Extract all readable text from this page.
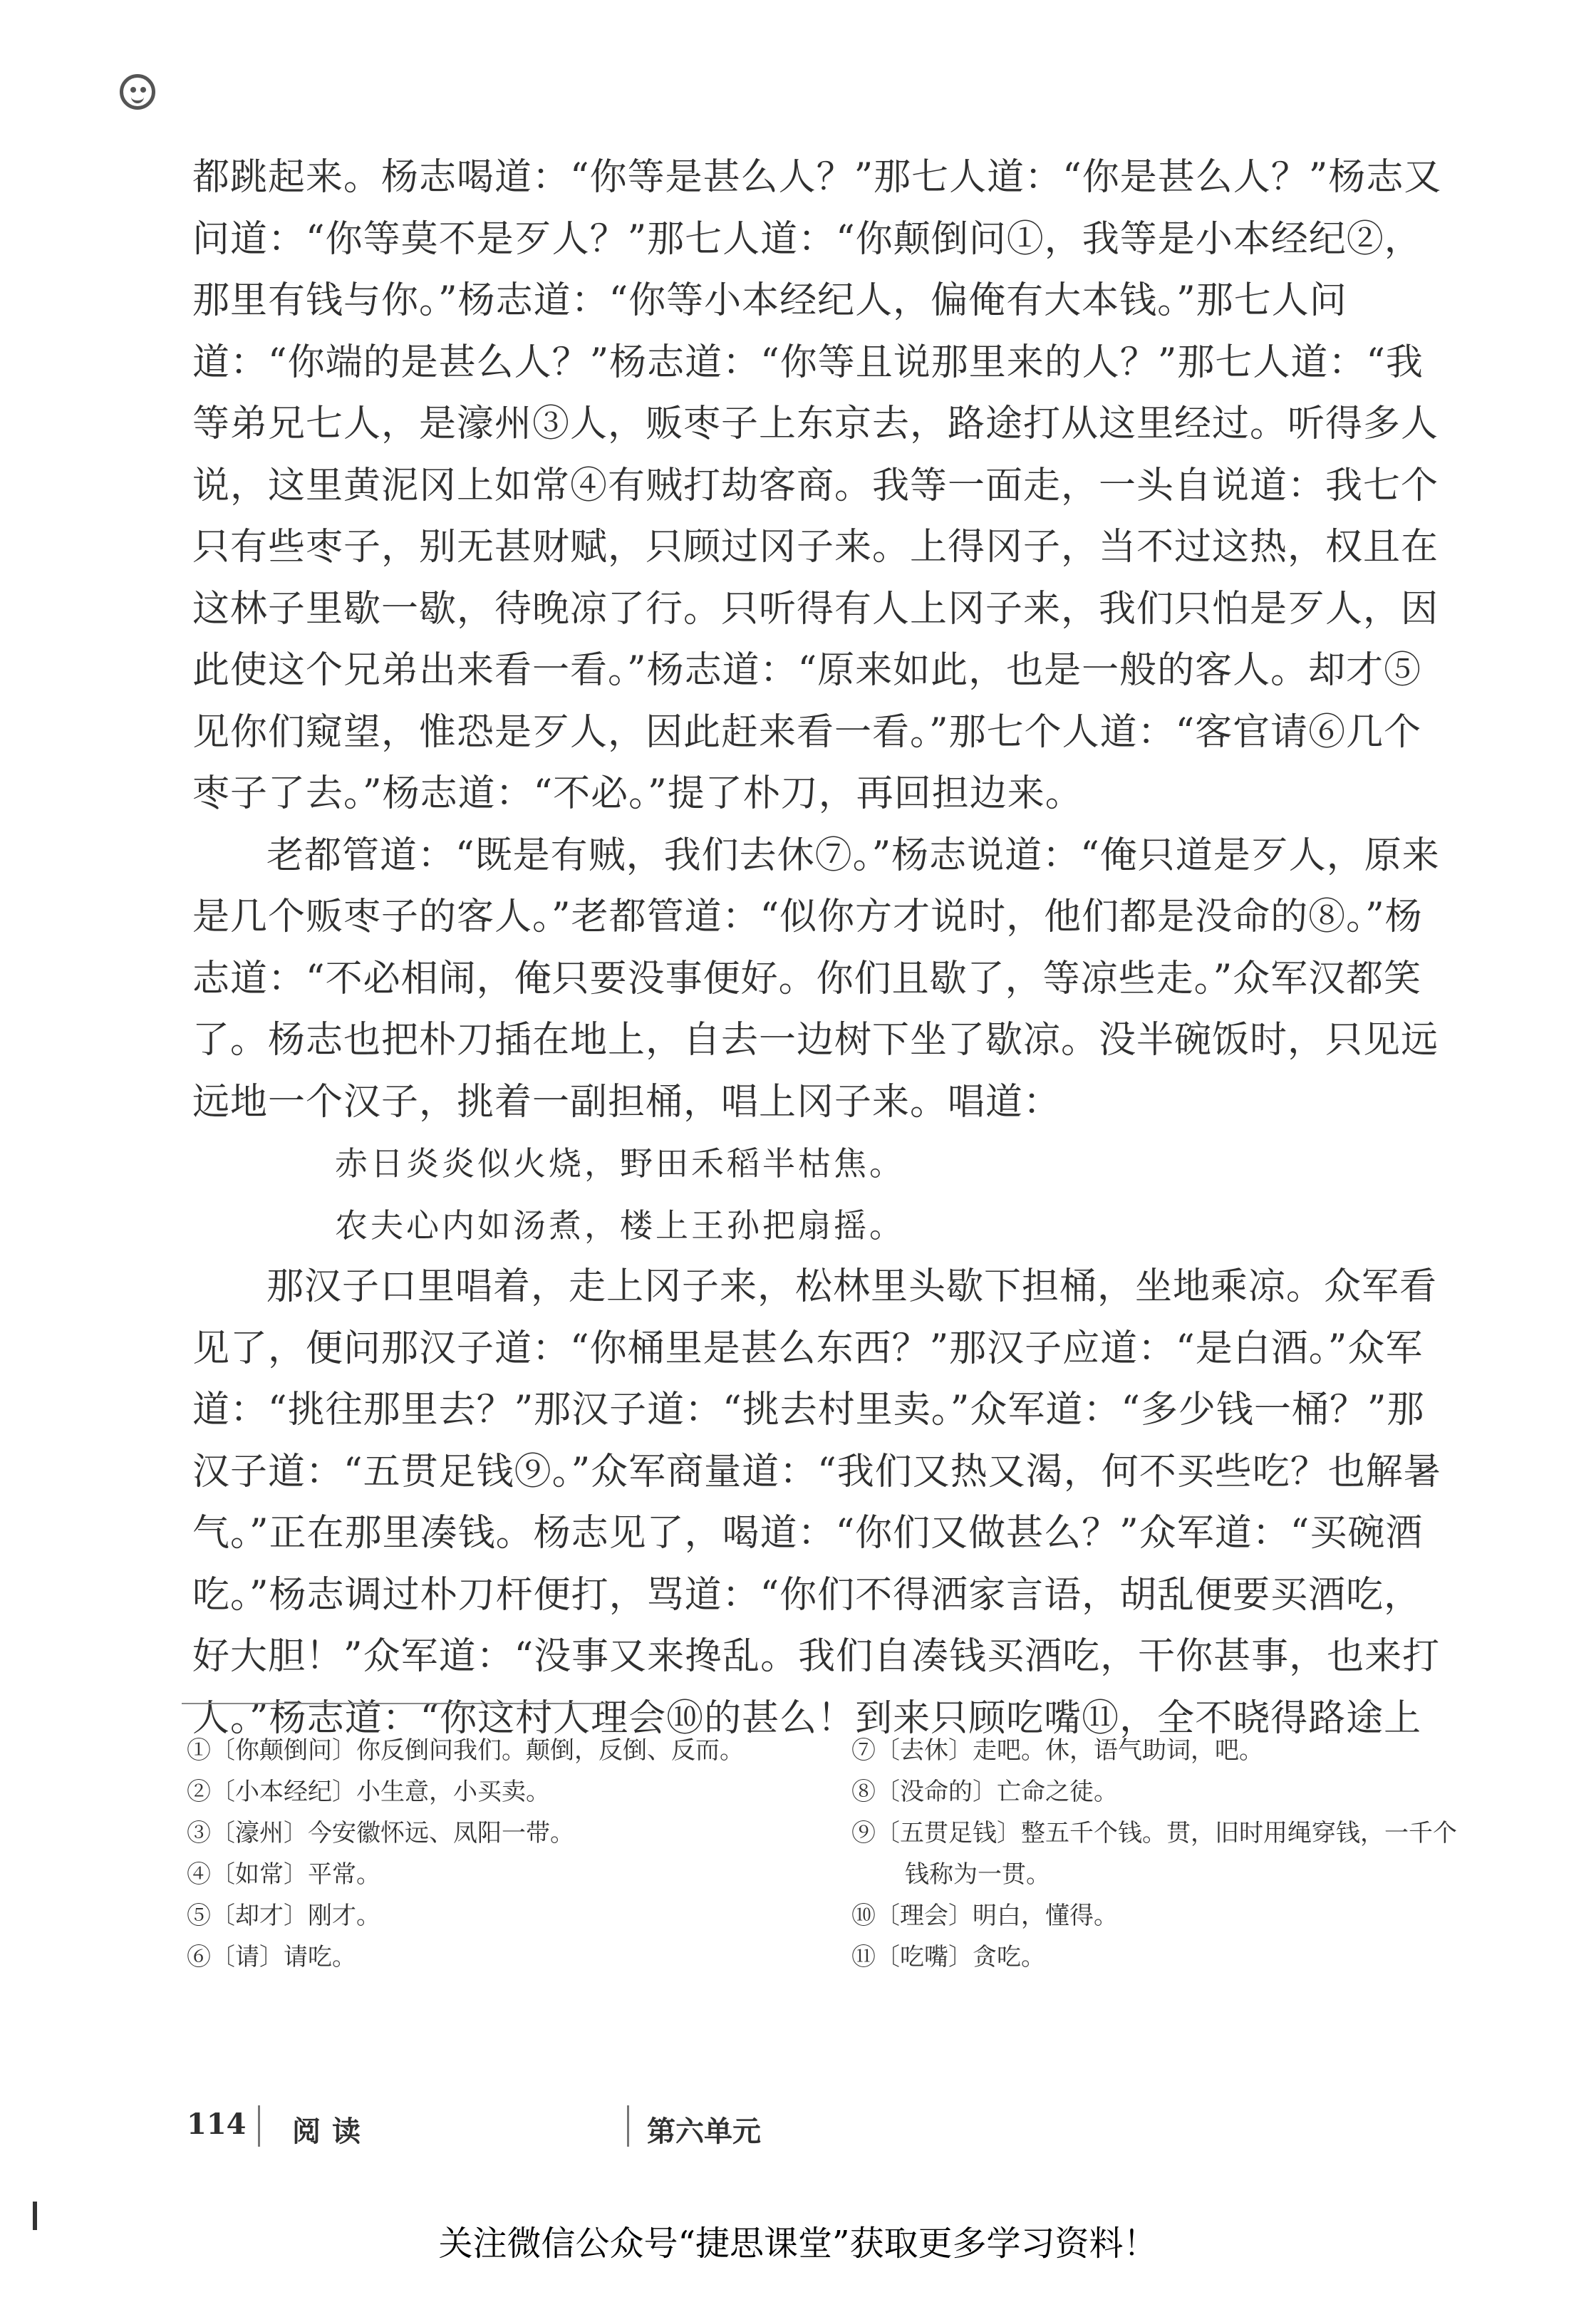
都跳起来。杨志喝道：“你等是甚么人？”那七人道：“你是甚么人？”杨志又问道：“你等莫不是歹人？”那七人道：“你颠倒问①，我等是小本经纪②，那里有钱与你。”杨志道：“你等小本经纪人，偏俺有大本钱。”那七人问道：“你端的是甚么人？”杨志道：“你等且说那里来的人？”那七人道：“我等弟兄七人，是濠州③人，贩枣子上东京去，路途打从这里经过。听得多人说，这里黄泥冈上如常④有贼打劫客商。我等一面走，一头自说道：我七个只有些枣子，别无甚财赋，只顾过冈子来。上得冈子，当不过这热，权且在这林子里歇一歇，待晚凉了行。只听得有人上冈子来，我们只怕是歹人，因此使这个兄弟出来看一看。”杨志道：“原来如此，也是一般的客人。却才⑤见你们窥望，惟恐是歹人，因此赶来看一看。”那七个人道：“客官请⑥几个枣子了去。”杨志道：“不必。”提了朴刀，再回担边来。

老都管道：“既是有贼，我们去休⑦。”杨志说道：“俺只道是歹人，原来是几个贩枣子的客人。”老都管道：“似你方才说时，他们都是没命的⑧。”杨志道：“不必相闹，俺只要没事便好。你们且歇了，等凉些走。”众军汉都笑了。杨志也把朴刀插在地上，自去一边树下坐了歇凉。没半碗饭时，只见远远地一个汉子，挑着一副担桶，唱上冈子来。唱道：

赤日炎炎似火烧，野田禾稻半枯焦。

农夫心内如汤煮，楼上王孙把扇摇。

那汉子口里唱着，走上冈子来，松林里头歇下担桶，坐地乘凉。众军看见了，便问那汉子道：“你桶里是甚么东西？”那汉子应道：“是白酒。”众军道：“挑往那里去？”那汉子道：“挑去村里卖。”众军道：“多少钱一桶？”那汉子道：“五贯足钱⑨。”众军商量道：“我们又热又渴，何不买些吃？也解暑气。”正在那里凑钱。杨志见了，喝道：“你们又做甚么？”众军道：“买碗酒吃。”杨志调过朴刀杆便打，骂道：“你们不得洒家言语，胡乱便要买酒吃，好大胆！”众军道：“没事又来搀乱。我们自凑钱买酒吃，干你甚事，也来打人。”杨志道：“你这村人理会⑩的甚么！到来只顾吃嘴⑪，全不晓得路途上

①〔你颠倒问〕你反倒问我们。颠倒，反倒、反而。

②〔小本经纪〕小生意，小买卖。

③〔濠州〕今安徽怀远、凤阳一带。

④〔如常〕平常。

⑤〔却才〕刚才。

⑥〔请〕请吃。

⑦〔去休〕走吧。休，语气助词，吧。

⑧〔没命的〕亡命之徒。

⑨〔五贯足钱〕整五千个钱。贯，旧时用绳穿钱，一千个钱称为一贯。

⑩〔理会〕明白，懂得。

⑪〔吃嘴〕贪吃。

114 阅读	第六单元
关注微信公众号“捷思课堂”获取更多学习资料！
